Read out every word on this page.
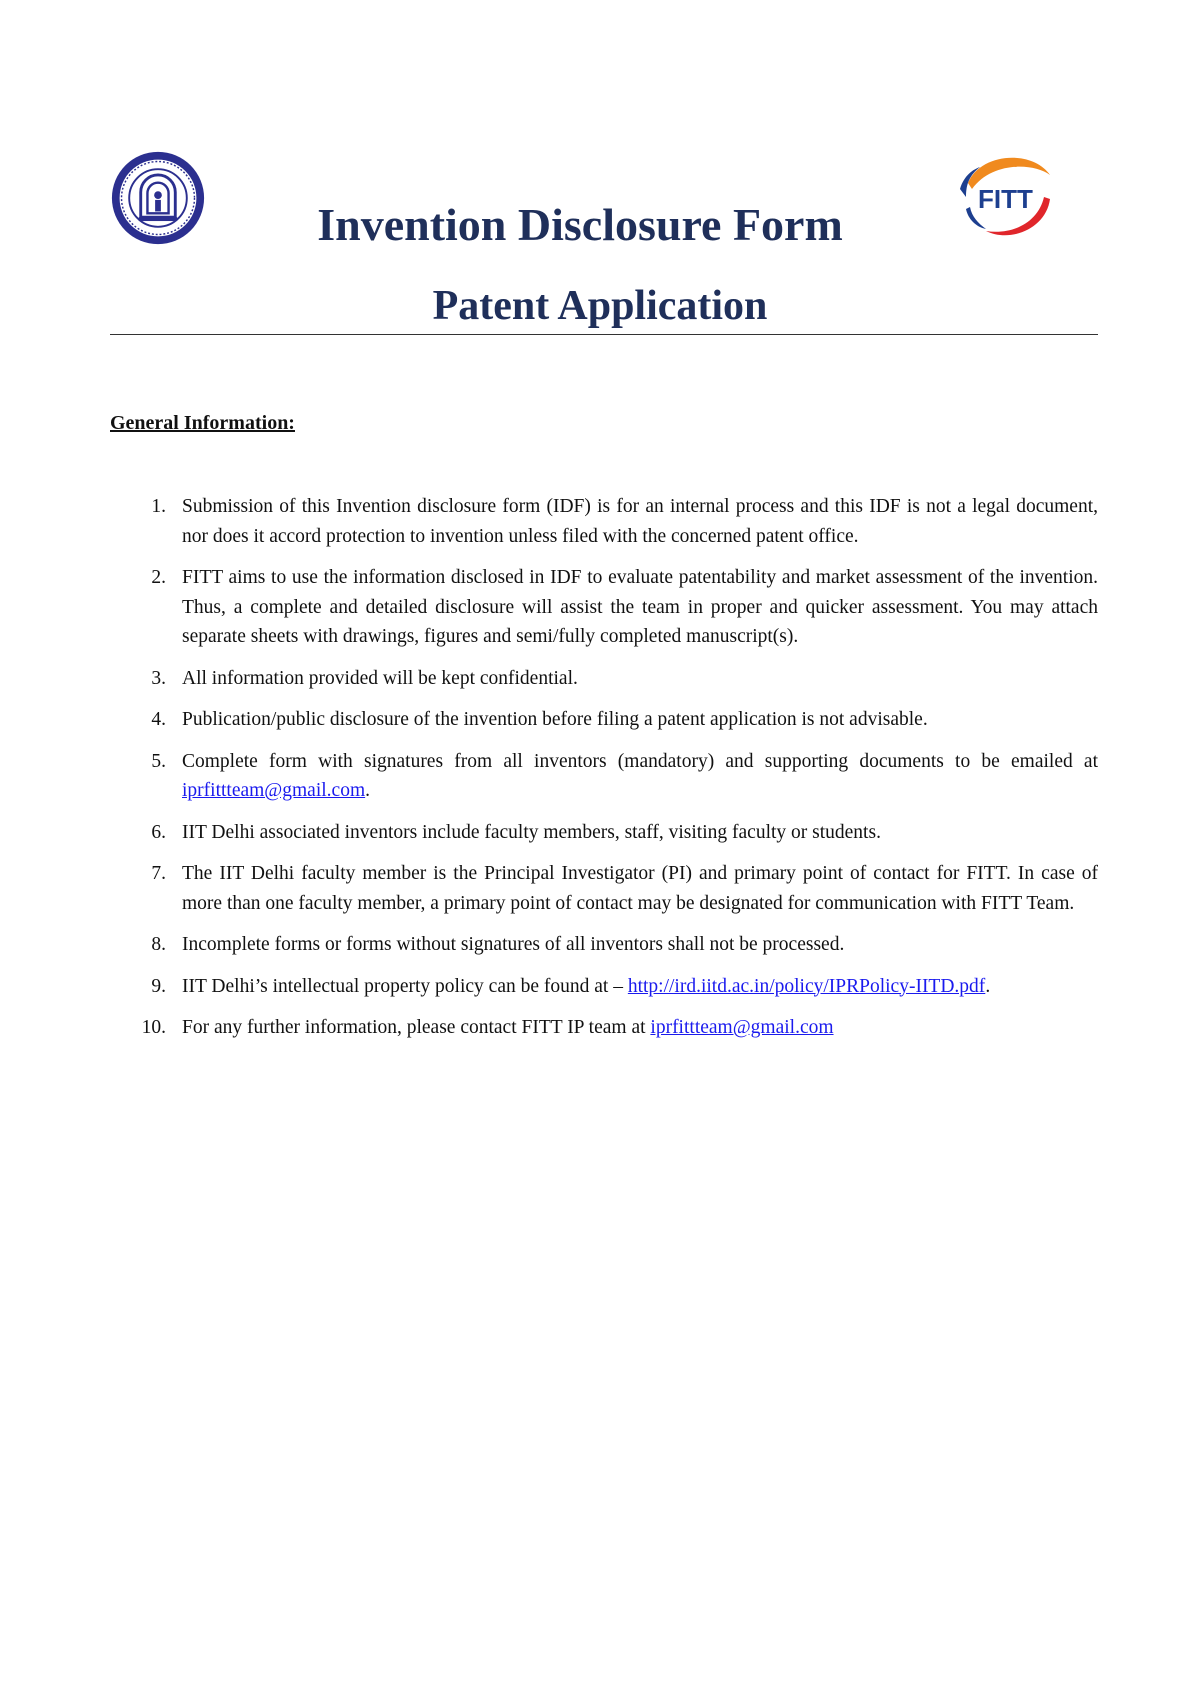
FITT
Invention Disclosure Form
Patent Application
General Information:
1. Submission of this Invention disclosure form (IDF) is for an internal process and this IDF is not a legal document, nor does it accord protection to invention unless filed with the concerned patent office.
2. FITT aims to use the information disclosed in IDF to evaluate patentability and market assessment of the invention. Thus, a complete and detailed disclosure will assist the team in proper and quicker assessment. You may attach separate sheets with drawings, figures and semi/fully completed manuscript(s).
3. All information provided will be kept confidential.
4. Publication/public disclosure of the invention before filing a patent application is not advisable.
5. Complete form with signatures from all inventors (mandatory) and supporting documents to be emailed at iprfittteam@gmail.com.
6. IIT Delhi associated inventors include faculty members, staff, visiting faculty or students.
7. The IIT Delhi faculty member is the Principal Investigator (PI) and primary point of contact for FITT. In case of more than one faculty member, a primary point of contact may be designated for communication with FITT Team.
8. Incomplete forms or forms without signatures of all inventors shall not be processed.
9. IIT Delhi’s intellectual property policy can be found at – http://ird.iitd.ac.in/policy/IPRPolicy-IITD.pdf.
10. For any further information, please contact FITT IP team at iprfittteam@gmail.com
